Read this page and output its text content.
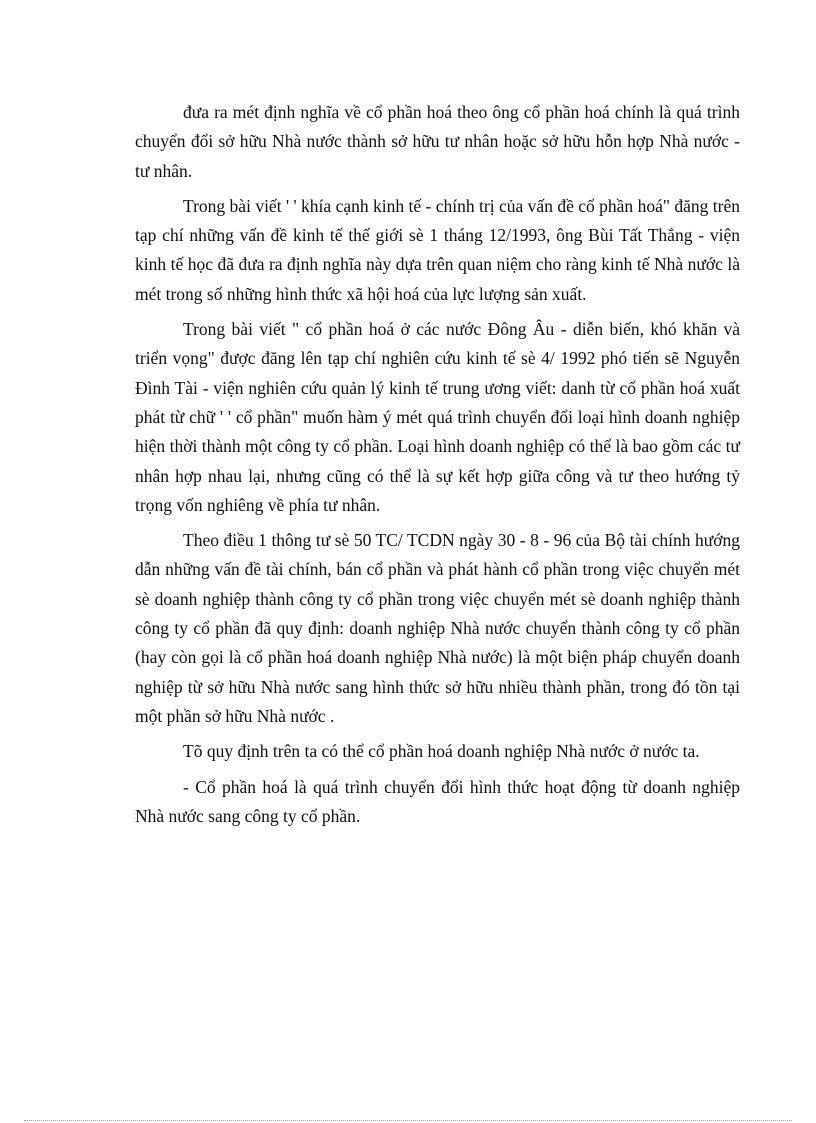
đưa ra mét định nghĩa về cổ phần hoá theo ông cổ phần hoá chính là quá trình chuyển đổi sở hữu Nhà nước thành sở hữu tư nhân hoặc sở hữu hỗn hợp Nhà nước - tư nhân.

Trong bài viết ' ' khía cạnh kinh tế - chính trị của vấn đề cổ phần hoá" đăng trên tạp chí những vấn đề kinh tế thế giới sè 1 tháng 12/1993, ông Bùi Tất Thắng - viện kinh tế học đã đưa ra định nghĩa này dựa trên quan niệm cho ràng kinh tế Nhà nước là mét trong số những hình thức xã hội hoá của lực lượng sản xuất.

Trong bài viết " cổ phần hoá ở các nước Đông Âu - diễn biến, khó khăn và triển vọng" được đăng lên tạp chí nghiên cứu kinh tế sè 4/ 1992 phó tiến sẽ Nguyễn Đình Tài - viện nghiên cứu quản lý kinh tế trung ương viết: danh từ cổ phần hoá xuất phát từ chữ ' ' cổ phần" muốn hàm ý mét quá trình chuyển đổi loại hình doanh nghiệp hiện thời thành một công ty cổ phần. Loại hình doanh nghiệp có thể là bao gồm các tư nhân hợp nhau lại, nhưng cũng có thể là sự kết hợp giữa công và tư theo hướng tỷ trọng vốn nghiêng về phía tư nhân.

Theo điều 1 thông tư sè 50 TC/ TCDN ngày 30 - 8 - 96 của Bộ tài chính hướng dẫn những vấn đề tài chính, bán cổ phần và phát hành cổ phần trong việc chuyển mét sè doanh nghiệp thành công ty cổ phần trong việc chuyển mét sè doanh nghiệp thành công ty cổ phần đã quy định: doanh nghiệp Nhà nước chuyển thành công ty cổ phần (hay còn gọi là cổ phần hoá doanh nghiệp Nhà nước) là một biện pháp chuyển doanh nghiệp từ sở hữu Nhà nước sang hình thức sở hữu nhiều thành phần, trong đó tồn tại một phần sở hữu Nhà nước .

Tõ quy định trên ta có thể cổ phần hoá doanh nghiệp Nhà nước ở nước ta.

- Cổ phần hoá là quá trình chuyển đổi hình thức hoạt động từ doanh nghiệp Nhà nước sang công ty cổ phần.
